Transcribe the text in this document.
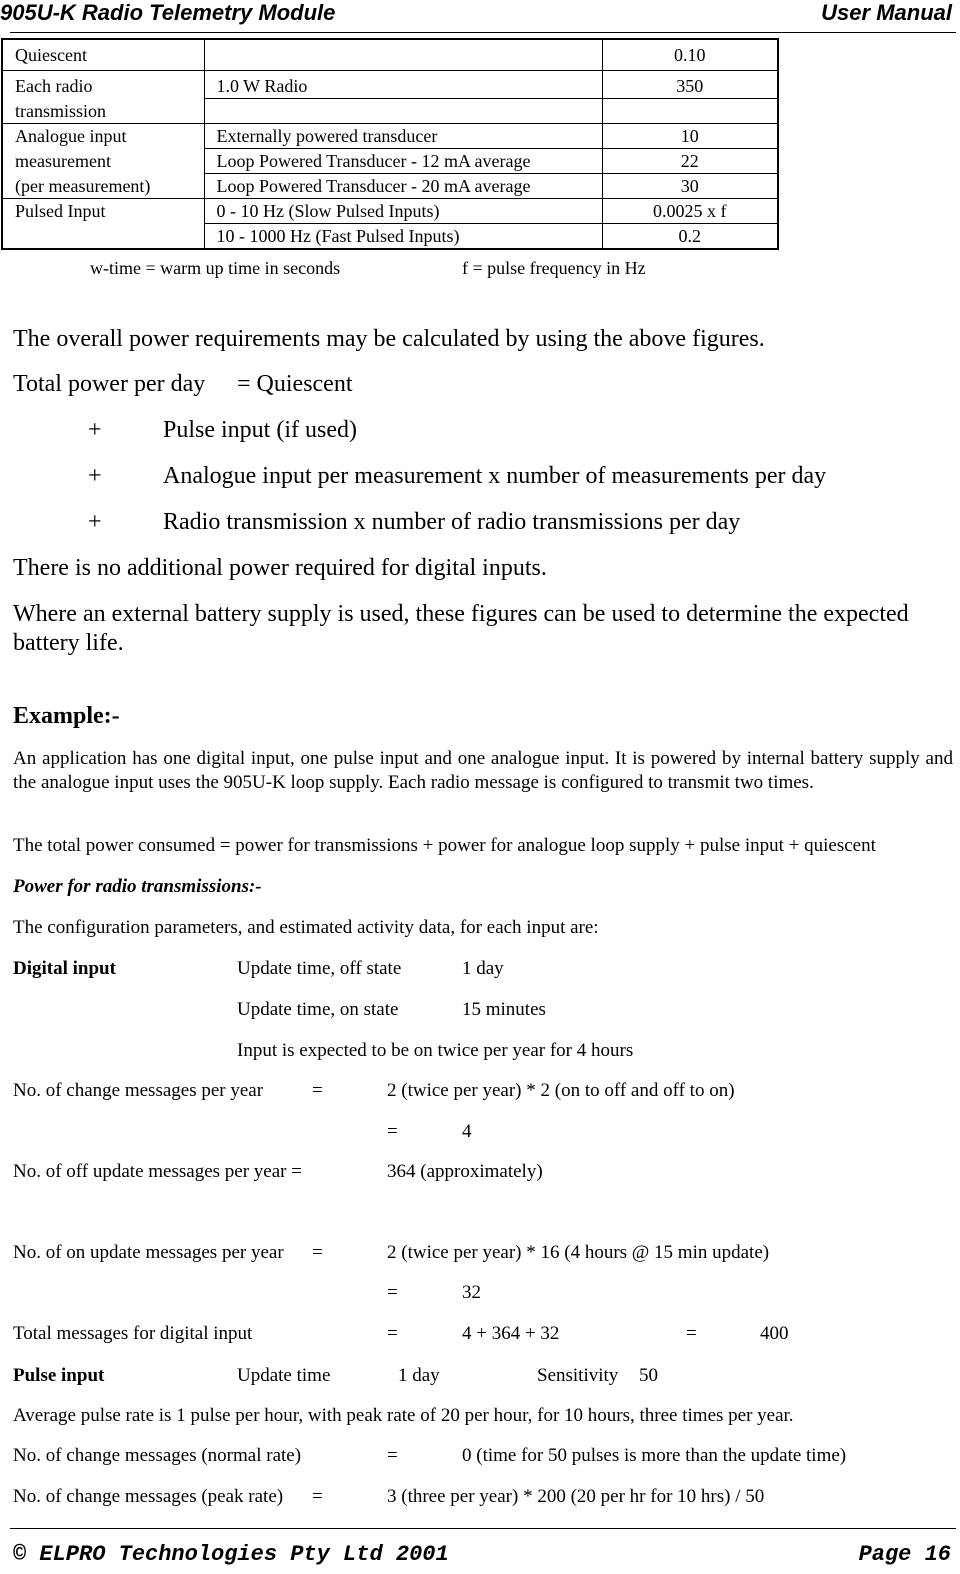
905U-K Radio Telemetry Module	User Manual
Quiescent		0.10
Each radio	1.0 W Radio	350
transmission		
Analogue input	Externally powered transducer	10
measurement	Loop Powered Transducer - 12 mA average	22
(per measurement)	Loop Powered Transducer - 20 mA average	30
Pulsed Input	0 - 10 Hz (Slow Pulsed Inputs)	0.0025 x f
	10 - 1000 Hz (Fast Pulsed Inputs)	0.2
w-time = warm up time in seconds	f = pulse frequency in Hz
The overall power requirements may be calculated by using the above figures.
Total power per day = Quiescent
+	Pulse input (if used)
+	Analogue input per measurement x number of measurements per day
+	Radio transmission x number of radio transmissions per day
There is no additional power required for digital inputs.
Where an external battery supply is used, these figures can be used to determine the expected battery life.
Example:-
An application has one digital input, one pulse input and one analogue input. It is powered by internal battery supply and the analogue input uses the 905U-K loop supply. Each radio message is configured to transmit two times.
The total power consumed = power for transmissions + power for analogue loop supply + pulse input + quiescent
Power for radio transmissions:-
The configuration parameters, and estimated activity data, for each input are:
Digital input	Update time, off state	1 day
Update time, on state	15 minutes
Input is expected to be on twice per year for 4 hours
No. of change messages per year	=	2 (twice per year) * 2 (on to off and off to on)
=	4
No. of off update messages per year =	364 (approximately)
No. of on update messages per year =	2 (twice per year) * 16 (4 hours @ 15 min update)
=	32
Total messages for digital input	=	4 + 364 + 32	=	400
Pulse input	Update time	1 day	Sensitivity 50
Average pulse rate is 1 pulse per hour, with peak rate of 20 per hour, for 10 hours, three times per year.
No. of change messages (normal rate)	=	0 (time for 50 pulses is more than the update time)
No. of change messages (peak rate) =	3 (three per year) * 200 (20 per hr for 10 hrs) / 50
© ELPRO Technologies Pty Ltd 2001	Page 16
